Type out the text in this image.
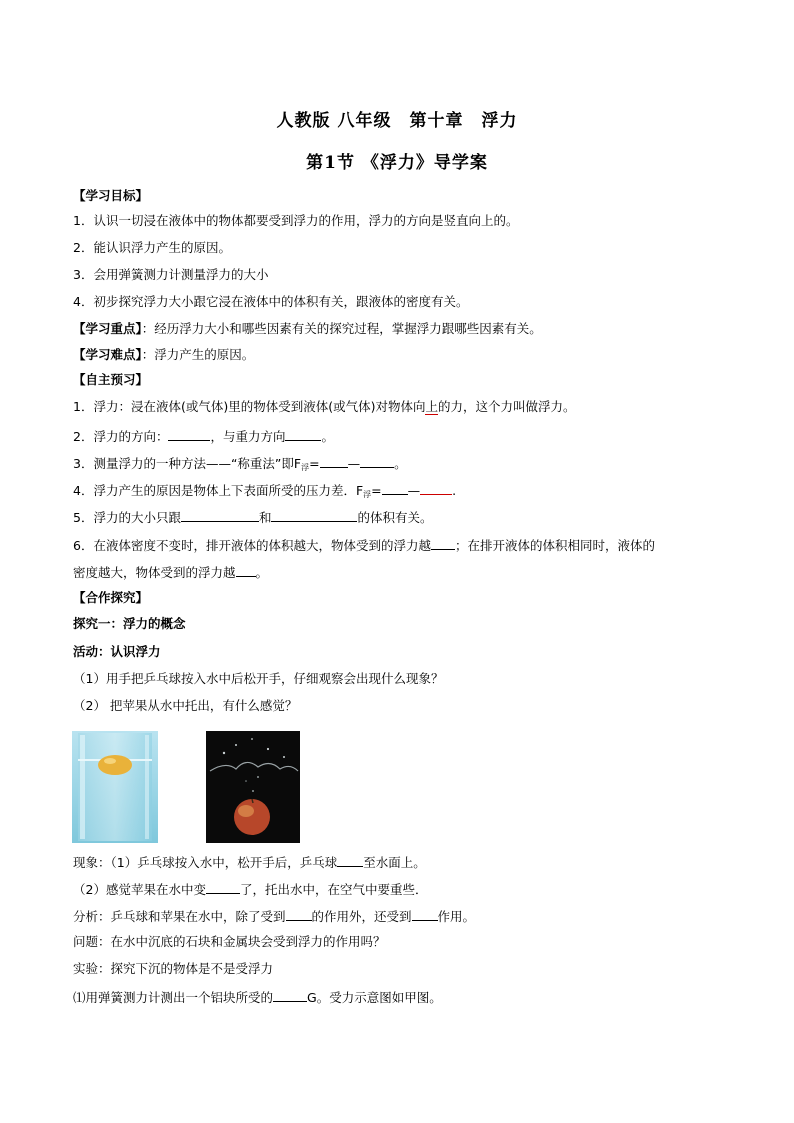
人教版 八年级　第十章　浮力
第1节 《浮力》导学案
【学习目标】
1．认识一切浸在液体中的物体都要受到浮力的作用，浮力的方向是竖直向上的。
2．能认识浮力产生的原因。
3．会用弹簧测力计测量浮力的大小
4．初步探究浮力大小跟它浸在液体中的体积有关，跟液体的密度有关。
【学习重点】：经历浮力大小和哪些因素有关的探究过程，掌握浮力跟哪些因素有关。
【学习难点】：浮力产生的原因。
【自主预习】
1．浮力：浸在液体(或气体)里的物体受到液体(或气体)对物体向上的力，这个力叫做浮力。
2．浮力的方向：	，与重力方向	。
3．测量浮力的一种方法——“称重法”即$F_浮=$ —	。
4．浮力产生的原因是物体上下表面所受的压力差．$F_浮=$ —	.
5．浮力的大小只跟	和	的体积有关。
6．在液体密度不变时，排开液体的体积越大，物体受到的浮力越 ；在排开液体的体积相同时，液体的
密度越大，物体受到的浮力越 。
【合作探究】
探究一：浮力的概念
活动：认识浮力
（1）用手把乒乓球按入水中后松开手，仔细观察会出现什么现象？
（2） 把苹果从水中托出，有什么感觉？
现象：（1）乒乓球按入水中，松开手后，乒乓球 至水面上。
（2）感觉苹果在水中变	了，托出水中，在空气中要重些．
分析：乒乓球和苹果在水中，除了受到 的作用外，还受到 作用。
问题：在水中沉底的石块和金属块会受到浮力的作用吗？
实验：探究下沉的物体是不是受浮力
⑴用弹簧测力计测出一个铝块所受的	G。受力示意图如甲图。
